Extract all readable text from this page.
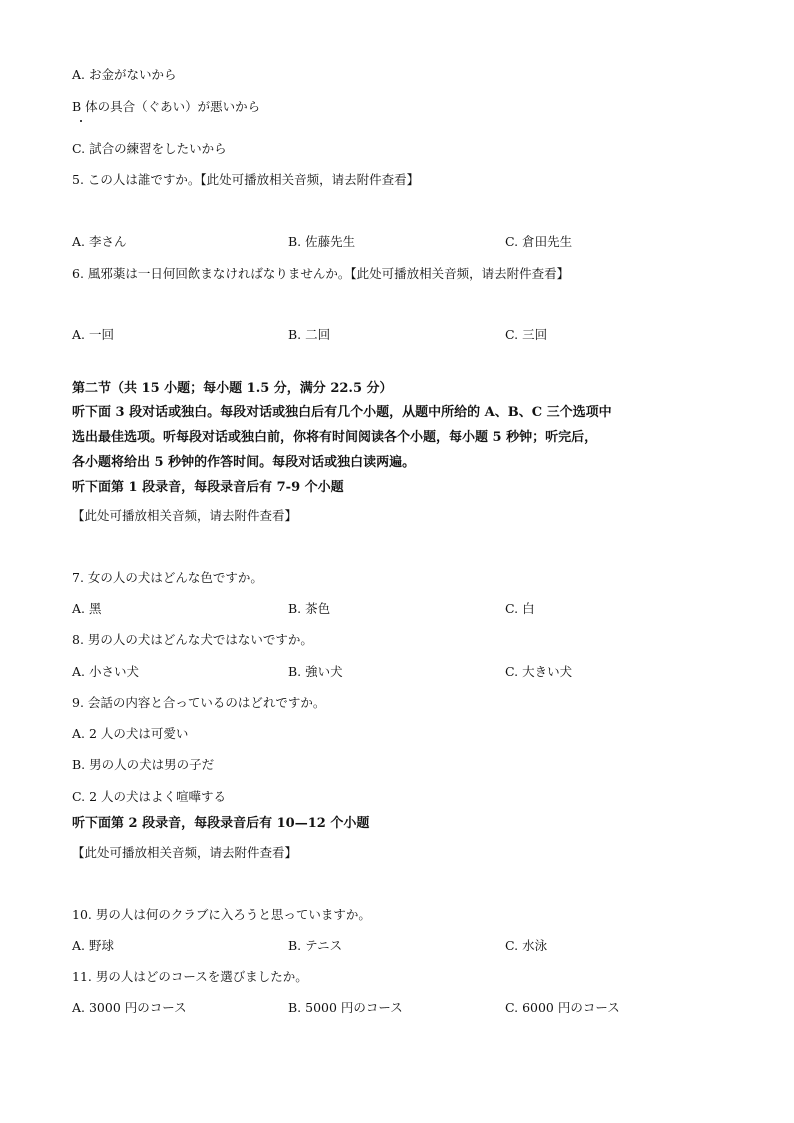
A. お金がないから
B 体の具合（ぐあい）が悪いから
C. 試合の練習をしたいから
5. この人は誰ですか。【此处可播放相关音频，请去附件查看】
A. 李さん	B. 佐藤先生	C. 倉田先生
6. 風邪薬は一日何回飲まなければなりませんか。【此处可播放相关音频，请去附件查看】
A. 一回	B. 二回	C. 三回
第二节（共 15 小题；每小题 1.5 分，满分 22.5 分）
听下面 3 段对话或独白。每段对话或独白后有几个小题，从题中所给的 A、B、C 三个选项中
选出最佳选项。听每段对话或独白前，你将有时间阅读各个小题，每小题 5 秒钟；听完后，
各小题将给出 5 秒钟的作答时间。每段对话或独白读两遍。
听下面第 1 段录音，每段录音后有 7-9 个小题
【此处可播放相关音频，请去附件查看】
7. 女の人の犬はどんな色ですか。
A. 黑	B. 茶色	C. 白
8. 男の人の犬はどんな犬ではないですか。
A. 小さい犬	B. 強い犬	C. 大きい犬
9. 会話の内容と合っているのはどれですか。
A. 2 人の犬は可愛い
B. 男の人の犬は男の子だ
C. 2 人の犬はよく喧嘩する
听下面第 2 段录音，每段录音后有 10—12 个小题
【此处可播放相关音频，请去附件查看】
10. 男の人は何のクラブに入ろうと思っていますか。
A. 野球	B. テニス	C. 水泳
11. 男の人はどのコースを選びましたか。
A. 3000 円のコース	B. 5000 円のコース	C. 6000 円のコース
